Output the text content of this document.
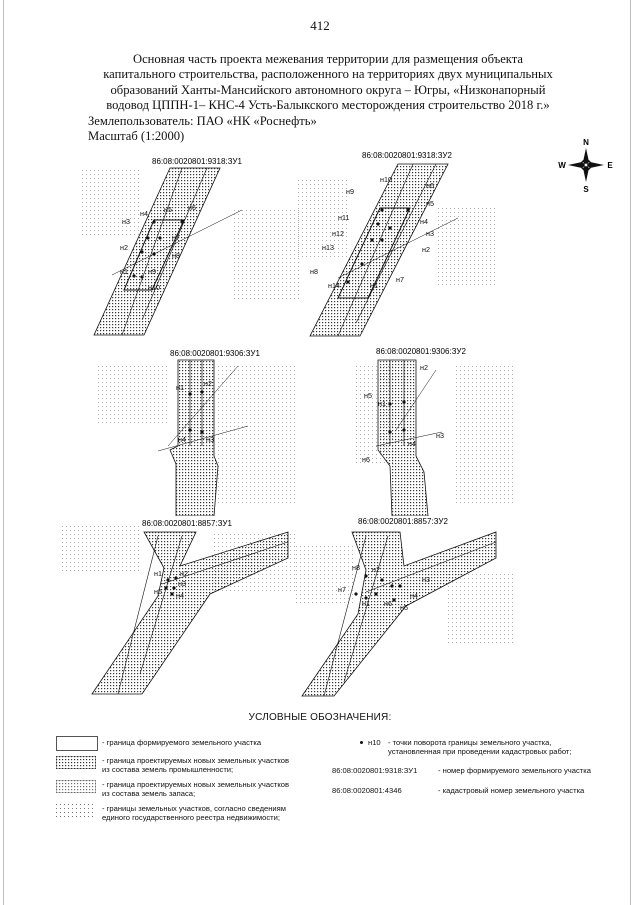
412
Основная часть проекта межевания территории для размещения объекта
капитального строительства, расположенного на территориях двух муниципальных
образований Ханты-Мансийского автономного округа – Югры, «Низконапорный
водовод ЦППН-1– КНС-4 Усть-Балыкского месторождения строительство 2018 г.»
Землепользователь: ПАО «НК «Роснефть»
Масштаб (1:2000)	N
S
W	E
86:08:0020801:9318:ЗУ1
н3
н4 н5 н6
н7
н2
н8
н1	н9
н10
86:08:0020801:9318:ЗУ2
н9
н10
н6
н5
н11	н4
н12	н3
н13	н2
н8
н7
н14	н1
86:08:0020801:9306:ЗУ1
н1	н2
н3
н4
86:08:0020801:9306:ЗУ2
н2
н5
н1
н3
н4
н6
86:08:0020801:8857:ЗУ1
н1	н2
н3
н4
н5
86:08:0020801:8857:ЗУ2
н8 н2
н3
н7
н1 н6
н4
н5
УСЛОВНЫЕ ОБОЗНАЧЕНИЯ:
- граница формируемого земельного участка
- граница проектируемых новых земельных участков
из состава земель промышленности;
- граница проектируемых новых земельных участков
из состава земель запаса;
- границы земельных участков, согласно сведениям
единого государственного реестра недвижимости;
н10 - точки поворота границы земельного участка,
установленная при проведении кадастровых работ;
86:08:0020801:9318:ЗУ1	- номер формируемого земельного участка
86:08:0020801:4346	- кадастровый номер земельного участка
